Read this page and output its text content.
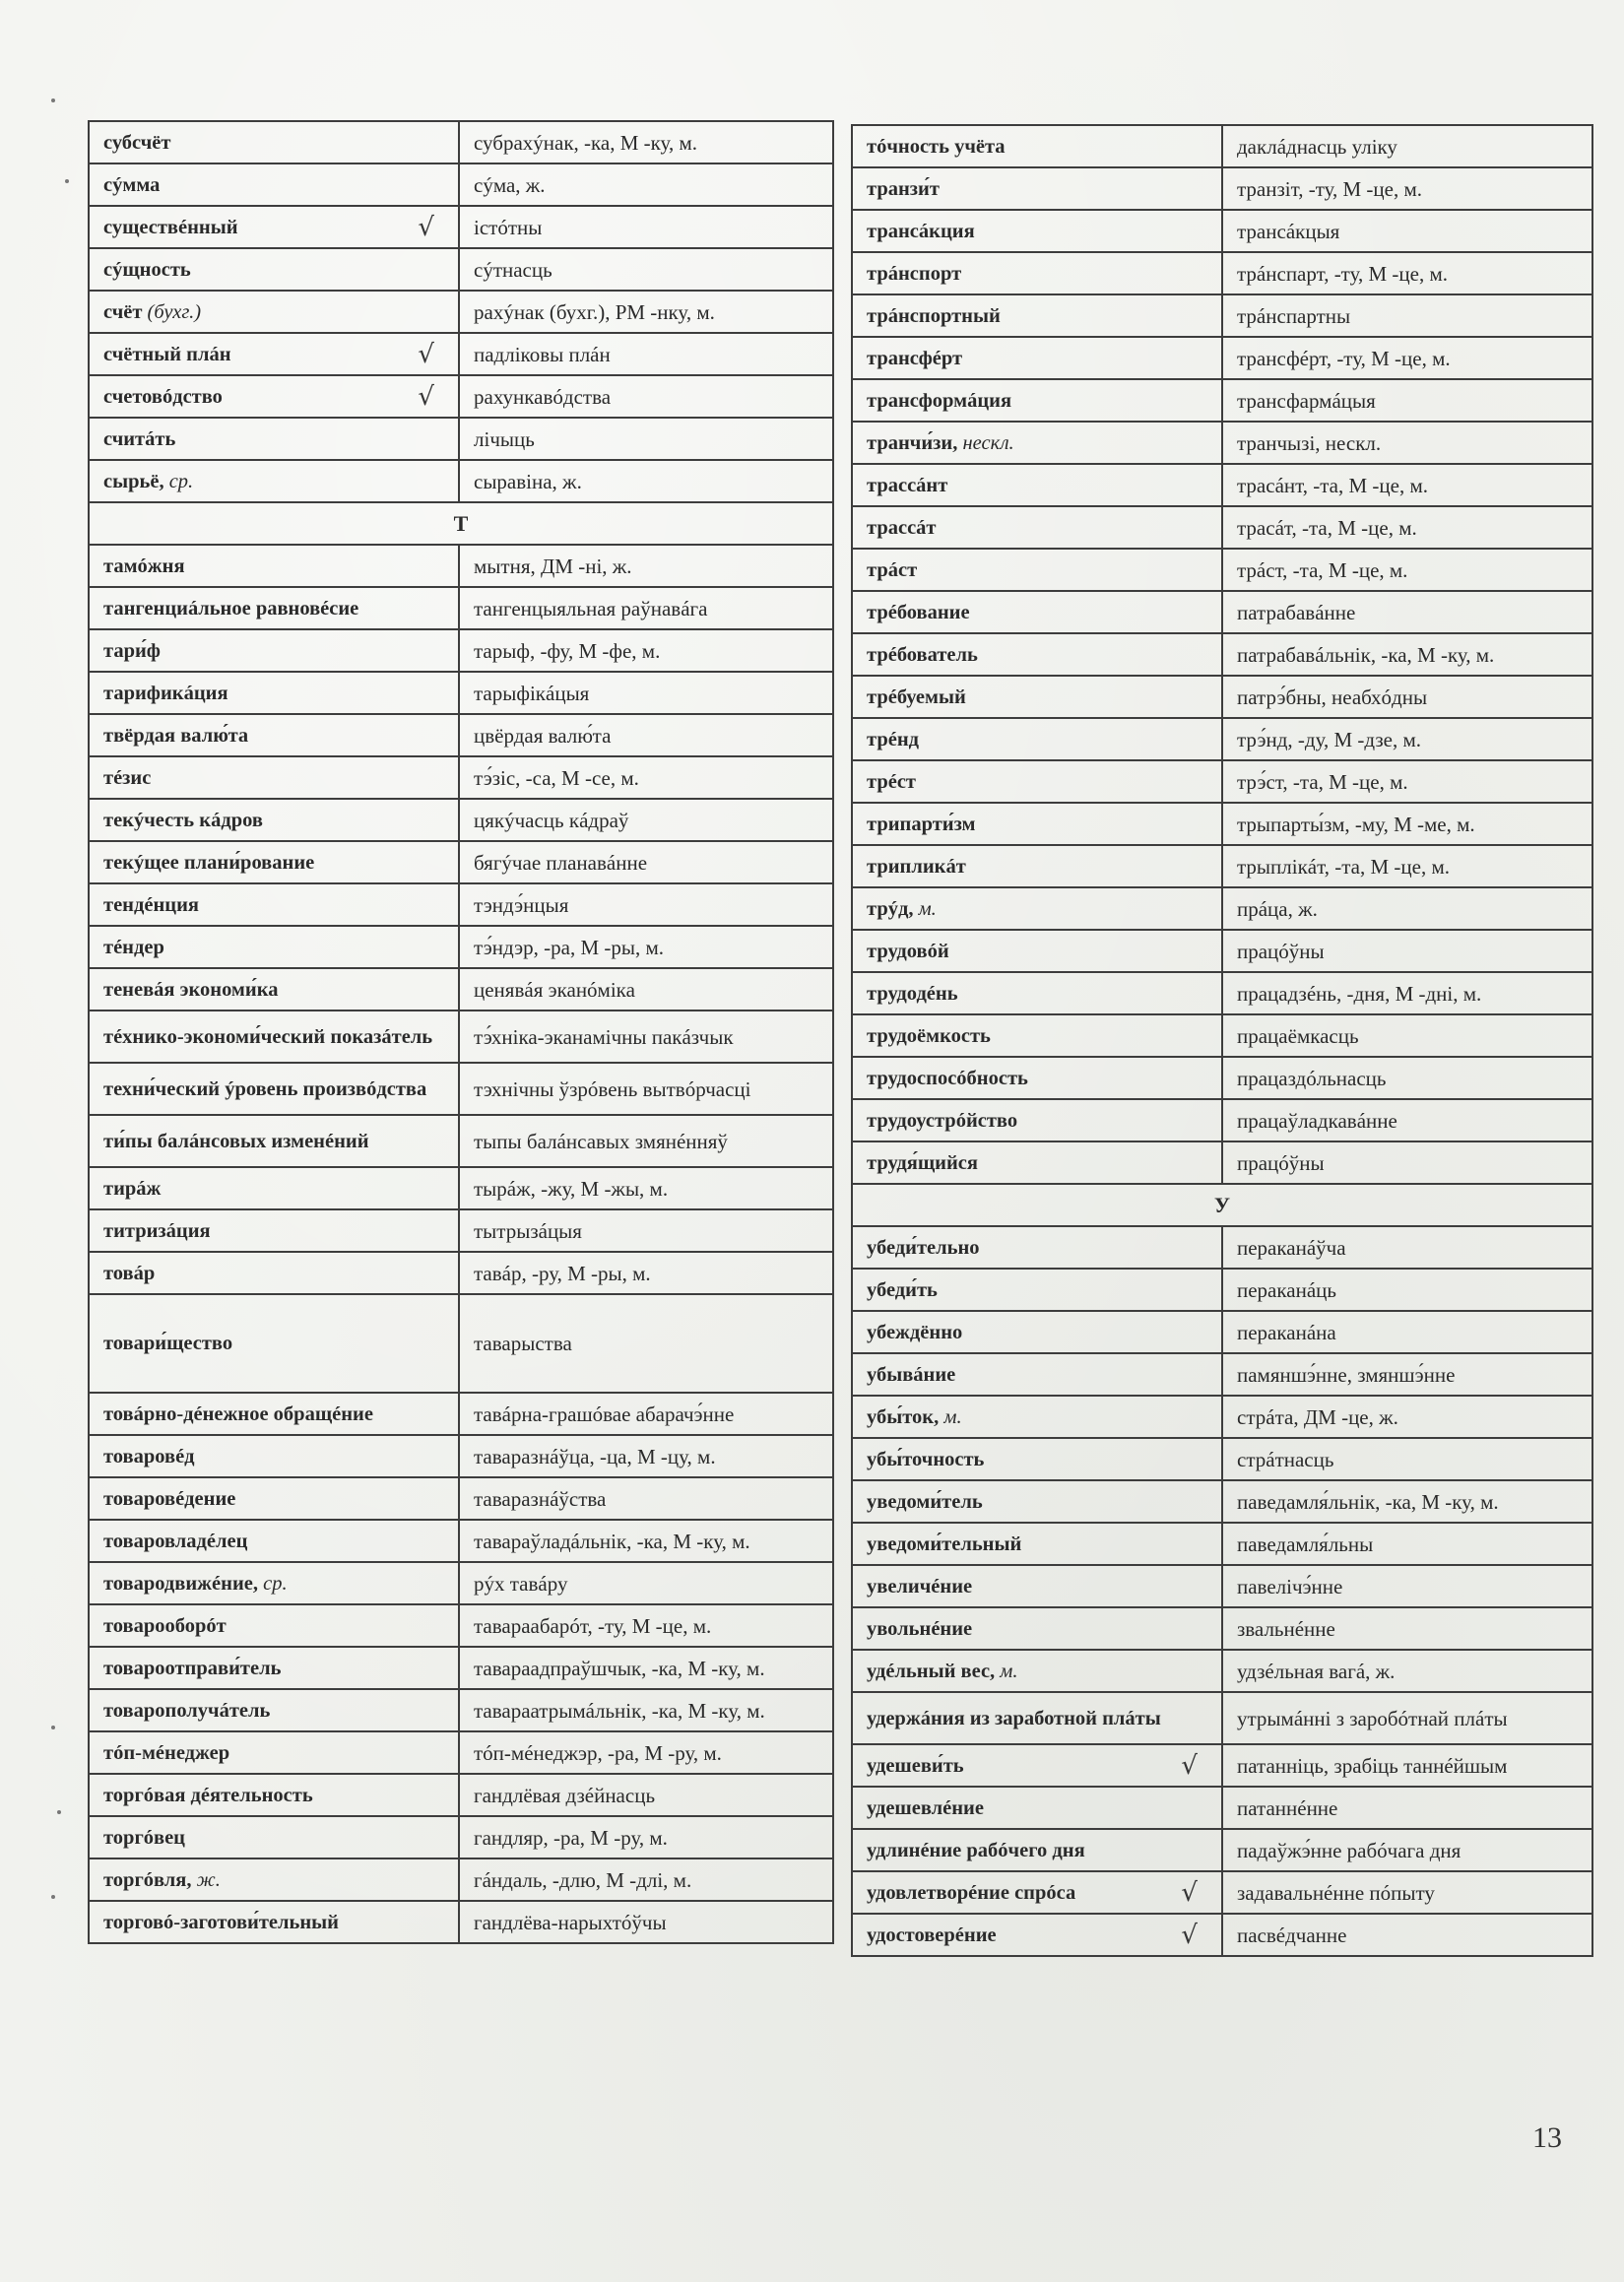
субсчёт	субрахýнак, -ка, М -ку, м.

сýмма	сýма, ж.

существéнный √	істóтны

сýщность	сýтнасць

счёт (бухг.)	рахýнак (бухг.), РМ -нку, м.

счётный плáн √	падліковы плáн

счетовóдство √	рахункавóдства

считáть	лічыць

сырьё, ср.	сыравіна, ж.
Т	

тамóжня	мытня, ДМ -ні, ж.

тангенциáльное равновéсие	тангенцыяльная раўнавáга

тари́ф	тарыф, -фу, М -фе, м.

тарификáция	тарыфікáцыя

твёрдая валю́та	цвёрдая валю́та

тéзис	тэ́зіс, -са, М -се, м.

текýчесть кáдров	цякýчасць кáдраў

текýщее плани́рование	бягýчае планавáнне

тендéнция	тэндэ́нцыя

тéндер	тэ́ндэр, -ра, М -ры, м.

теневáя экономи́ка	ценявáя эканóміка

тéхнико-экономи́ческий показáтель	тэ́хніка-эканамічны пакáзчык

техни́ческий ýровень произвóдства	тэхнічны ўзрóвень вытвóрчасці

ти́пы балáнсовых изменéний	тыпы балáнсавых змянéнняў

тирáж	тырáж, -жу, М -жы, м.

титризáция	тытрызáцыя

товáр	тавáр, -ру, М -ры, м.

товари́щество	таварыства

товáрно-дéнежное обращéние	тавáрна-грашóвае абарачэ́нне

товаровéд	таваразнáўца, -ца, М -цу, м.

товаровéдение	таваразнáўства

товаровладéлец	тавараўладáльнік, -ка, М -ку, м.

товародвижéние, ср.	рýх тавáру

товарооборóт	тавараабарóт, -ту, М -це, м.

товароотправи́тель	тавараадпраўшчык, -ка, М -ку, м.

товарополучáтель	тавараатрымáльнік, -ка, М -ку, м.

тóп-мéнеджер	тóп-мéнеджэр, -ра, М -ру, м.

торгóвая дéятельность	гандлёвая дзéйнасць

торгóвец	гандляр, -ра, М -ру, м.

торгóвля, ж.	гáндаль, -длю, М -длі, м.

торговó-заготови́тельный	гандлёва-нарыхтóўчы
тóчность учёта	даклáднасць уліку

транзи́т	транзіт, -ту, М -це, м.

трансáкция	трансáкцыя

трáнспорт	трáнспарт, -ту, М -це, м.

трáнспортный	трáнспартны

трансфéрт	трансфéрт, -ту, М -це, м.

трансформáция	трансфармáцыя

транчи́зи, нескл.	транчызі, нескл.

трассáнт	трасáнт, -та, М -це, м.

трассáт	трасáт, -та, М -це, м.

трáст	трáст, -та, М -це, м.

трéбование	патрабавáнне

трéбователь	патрабавáльнік, -ка, М -ку, м.

трéбуемый	патрэ́бны, неабхóдны

трéнд	трэ́нд, -ду, М -дзе, м.

трéст	трэ́ст, -та, М -це, м.

трипарти́зм	трыпарты́зм, -му, М -ме, м.

трипликáт	трыплікáт, -та, М -це, м.

трýд, м.	прáца, ж.

трудовóй	працóўны

трудодéнь	працадзéнь, -дня, М -дні, м.

трудоёмкость	працаёмкасць

трудоспосóбность	працаздóльнасць

трудоустрóйство	працаўладкавáнне

трудя́щийся	працóўны
У	

убеди́тельно	пераканáўча

убеди́ть	пераканáць

убеждённо	пераканáна

убывáние	памяншэ́нне, змяншэ́нне

убы́ток, м.	стрáта, ДМ -це, ж.

убы́точность	стрáтнасць

уведоми́тель	паведамля́льнік, -ка, М -ку, м.

уведоми́тельный	паведамля́льны

увеличéние	павелічэ́нне

увольнéние	звальнéнне

удéльный вес, м.	удзéльная вагá, ж.

удержáния из заработной плáты	утрымáнні з заробóтнай плáты

удешеви́ть √	патанніць, зрабіць таннéйшым

удешевлéние	патаннéнне

удлинéние рабóчего дня	падаўжэ́нне рабóчага дня

удовлетворéние спрóса √	задавальнéнне пóпыту

удостоверéние √	пасвéдчанне
13
